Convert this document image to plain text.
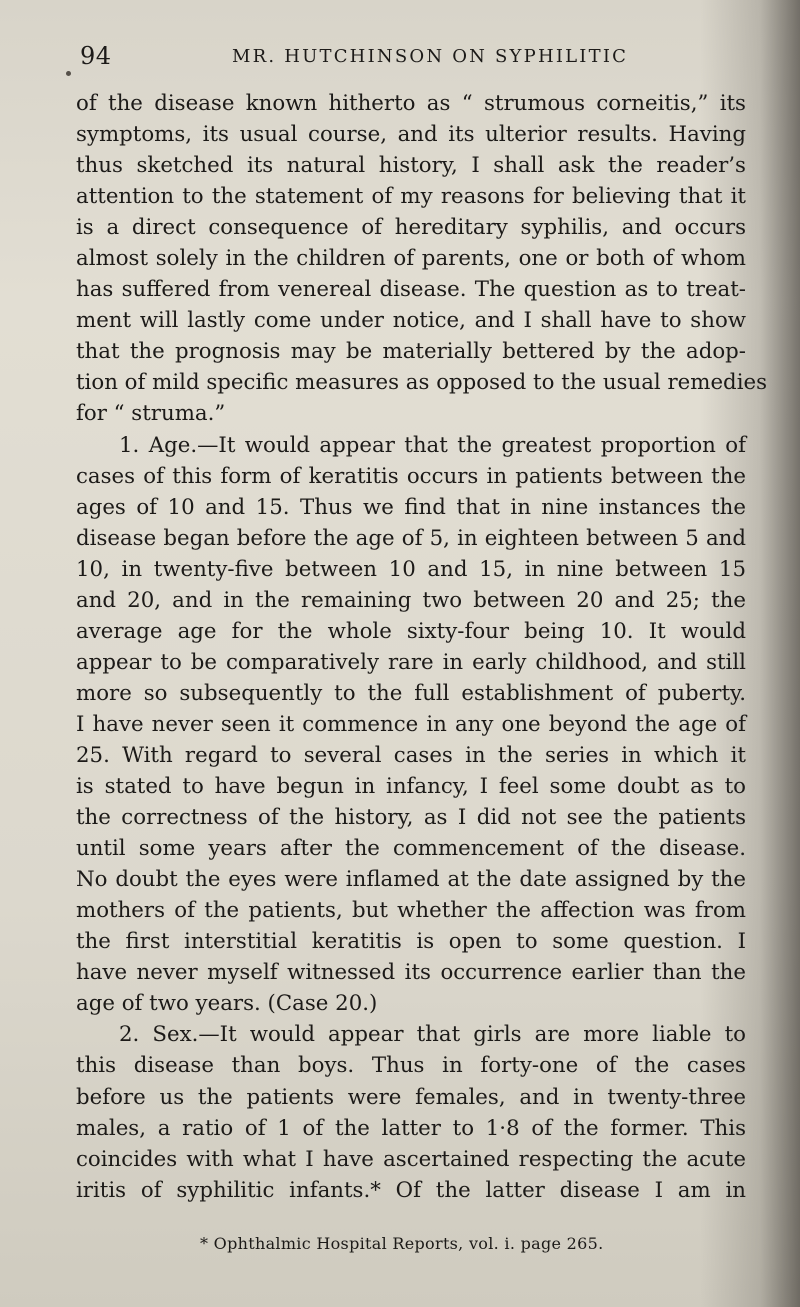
94	MR. HUTCHINSON ON SYPHILITIC
of the disease known hitherto as “ strumous corneitis,” its
symptoms, its usual course, and its ulterior results. Having
thus sketched its natural history, I shall ask the reader’s
attention to the statement of my reasons for believing that it
is a direct consequence of hereditary syphilis, and occurs
almost solely in the children of parents, one or both of whom
has suffered from venereal disease. The question as to treat-
ment will lastly come under notice, and I shall have to show
that the prognosis may be materially bettered by the adop-
tion of mild specific measures as opposed to the usual remedies
for “ struma.”
1. Age.—It would appear that the greatest proportion of
cases of this form of keratitis occurs in patients between the
ages of 10 and 15. Thus we find that in nine instances the
disease began before the age of 5, in eighteen between 5 and
10, in twenty-five between 10 and 15, in nine between 15
and 20, and in the remaining two between 20 and 25; the
average age for the whole sixty-four being 10. It would
appear to be comparatively rare in early childhood, and still
more so subsequently to the full establishment of puberty.
I have never seen it commence in any one beyond the age of
25. With regard to several cases in the series in which it
is stated to have begun in infancy, I feel some doubt as to
the correctness of the history, as I did not see the patients
until some years after the commencement of the disease.
No doubt the eyes were inflamed at the date assigned by the
mothers of the patients, but whether the affection was from
the first interstitial keratitis is open to some question. I
have never myself witnessed its occurrence earlier than the
age of two years. (Case 20.)
2. Sex.—It would appear that girls are more liable to
this disease than boys. Thus in forty-one of the cases
before us the patients were females, and in twenty-three
males, a ratio of 1 of the latter to 1·8 of the former. This
coincides with what I have ascertained respecting the acute
iritis of syphilitic infants.* Of the latter disease I am in
* Ophthalmic Hospital Reports, vol. i. page 265.
